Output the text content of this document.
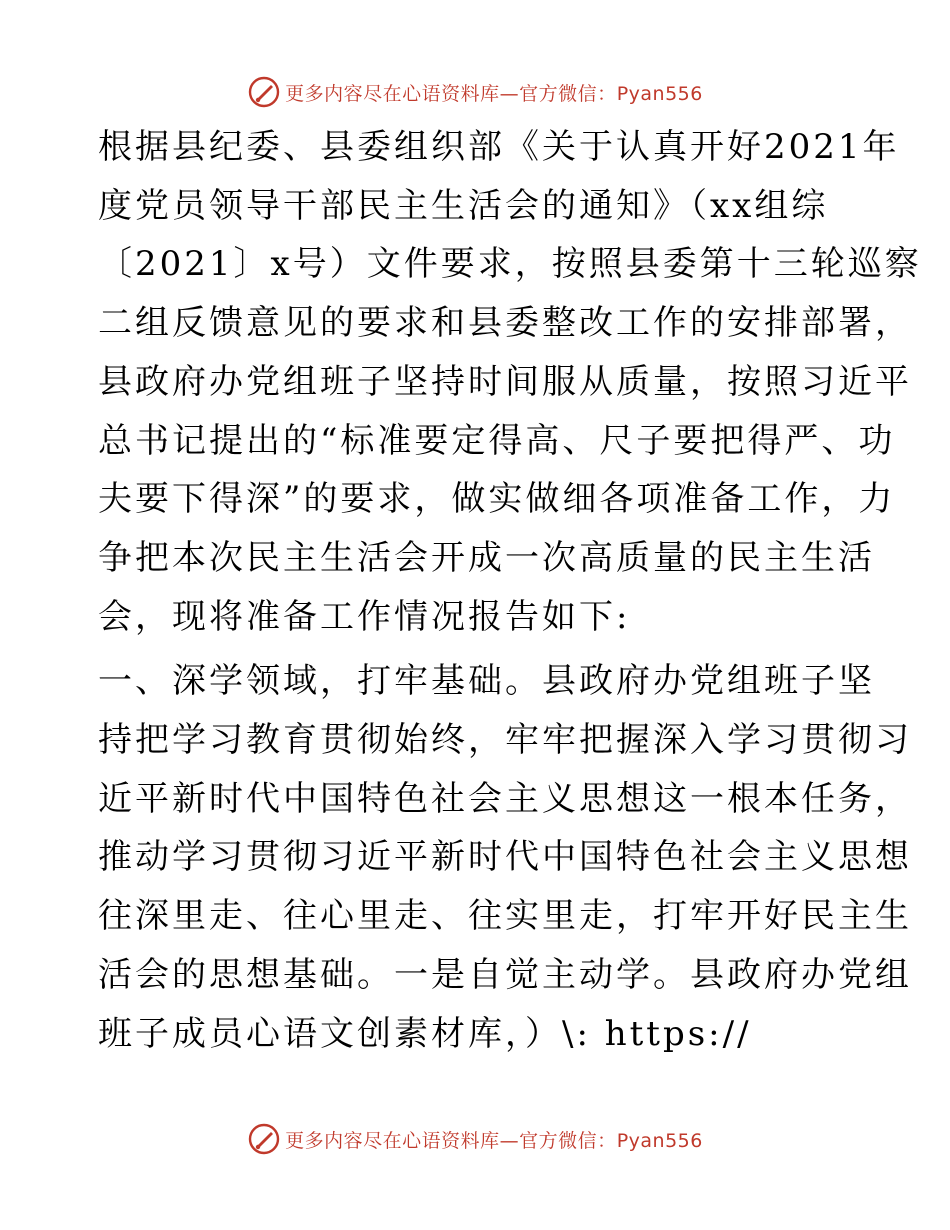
更多内容尽在心语资料库—官方微信：Pyan556

根据县纪委、县委组织部《关于认真开好2021年
度党员领导干部民主生活会的通知》（xx组综
〔2021〕x号）文件要求，按照县委第十三轮巡察
二组反馈意见的要求和县委整改工作的安排部署，
县政府办党组班子坚持时间服从质量，按照习近平
总书记提出的“标准要定得高、尺子要把得严、功
夫要下得深”的要求，做实做细各项准备工作，力
争把本次民主生活会开成一次高质量的民主生活
会，现将准备工作情况报告如下:

一、深学领域，打牢基础。县政府办党组班子坚
持把学习教育贯彻始终，牢牢把握深入学习贯彻习
近平新时代中国特色社会主义思想这一根本任务，
推动学习贯彻习近平新时代中国特色社会主义思想
往深里走、往心里走、往实里走，打牢开好民主生
活会的思想基础。一是自觉主动学。县政府办党组
班子成员心语文创素材库，）\: https://

更多内容尽在心语资料库—官方微信：Pyan556
